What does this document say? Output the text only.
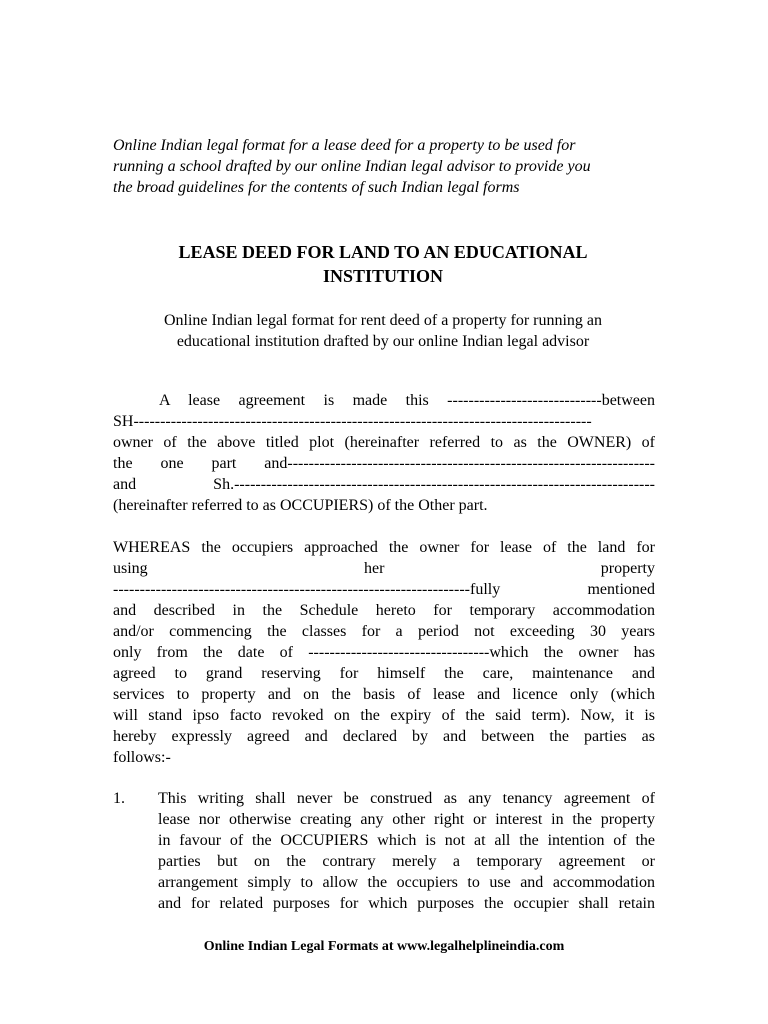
Online Indian legal format for a lease deed for a property to be used for
running a school drafted by our online Indian legal advisor to provide you
the broad guidelines for the contents of such Indian legal forms

LEASE DEED FOR LAND TO AN EDUCATIONAL
INSTITUTION

Online Indian legal format for rent deed of a property for running an
educational institution drafted by our online Indian legal advisor

A lease agreement is made this -----------------------------between
SH--------------------------------------------------------------------------------------
owner of the above titled plot (hereinafter referred to as the OWNER) of
the one part and---------------------------------------------------------------------
and Sh.-------------------------------------------------------------------------------
(hereinafter referred to as OCCUPIERS) of the Other part.
WHEREAS the occupiers approached the owner for lease of the land for
using her property
-------------------------------------------------------------------fully mentioned
and described in the Schedule hereto for temporary accommodation
and/or commencing the classes for a period not exceeding 30 years
only from the date of ----------------------------------which the owner has
agreed to grand reserving for himself the care, maintenance and
services to property and on the basis of lease and licence only (which
will stand ipso facto revoked on the expiry of the said term). Now, it is
hereby expressly agreed and declared by and between the parties as
follows:-
1. This writing shall never be construed as any tenancy agreement of
lease nor otherwise creating any other right or interest in the property
in favour of the OCCUPIERS which is not at all the intention of the
parties but on the contrary merely a temporary agreement or
arrangement simply to allow the occupiers to use and accommodation
and for related purposes for which purposes the occupier shall retain
Online Indian Legal Formats at www.legalhelplineindia.com
